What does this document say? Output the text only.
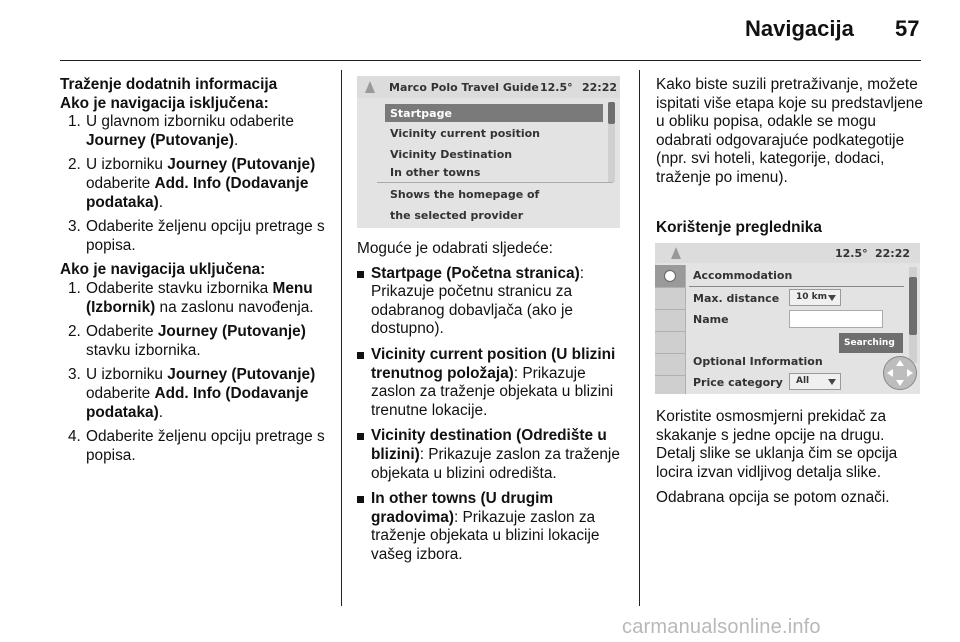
Navigacija 57

Traženje dodatnih informacija

Ako je navigacija isključena:

1. U glavnom izborniku odaberite Journey (Putovanje).
2. U izborniku Journey (Putovanje) odaberite Add. Info (Dodavanje podataka).
3. Odaberite željenu opciju pretrage s popisa.

Ako je navigacija uključena:

1. Odaberite stavku izbornika Menu (Izbornik) na zaslonu navođenja.
2. Odaberite Journey (Putovanje) stavku izbornika.
3. U izborniku Journey (Putovanje) odaberite Add. Info (Dodavanje podataka).
4. Odaberite željenu opciju pretrage s popisa.
Marco Polo Travel Guide 12.5° 22:22
Startpage
Vicinity current position
Vicinity Destination
In other towns
Shows the homepage of
the selected provider

Moguće je odabrati sljedeće:

Startpage (Početna stranica): Prikazuje početnu stranicu za odabranog dobavljača (ako je dostupno).
Vicinity current position (U blizini trenutnog položaja): Prikazuje zaslon za traženje objekata u blizini trenutne lokacije.
Vicinity destination (Odredište u blizini): Prikazuje zaslon za traženje objekata u blizini odredišta.
In other towns (U drugim gradovima): Prikazuje zaslon za traženje objekata u blizini lokacije vašeg izbora.

Kako biste suzili pretraživanje, možete ispitati više etapa koje su predstavljene u obliku popisa, odakle se mogu odabrati odgovarajuće podkategotije (npr. svi hoteli, kategorije, dodaci, traženje po imenu).

Korištenje preglednika
12.5° 22:22
Accommodation
Max. distance 10 km
Name
Searching
Optional Information
Price category All

Koristite osmosmjerni prekidač za skakanje s jedne opcije na drugu. Detalj slike se uklanja čim se opcija locira izvan vidljivog detalja slike.

Odabrana opcija se potom označi.

carmanualsonline.info
